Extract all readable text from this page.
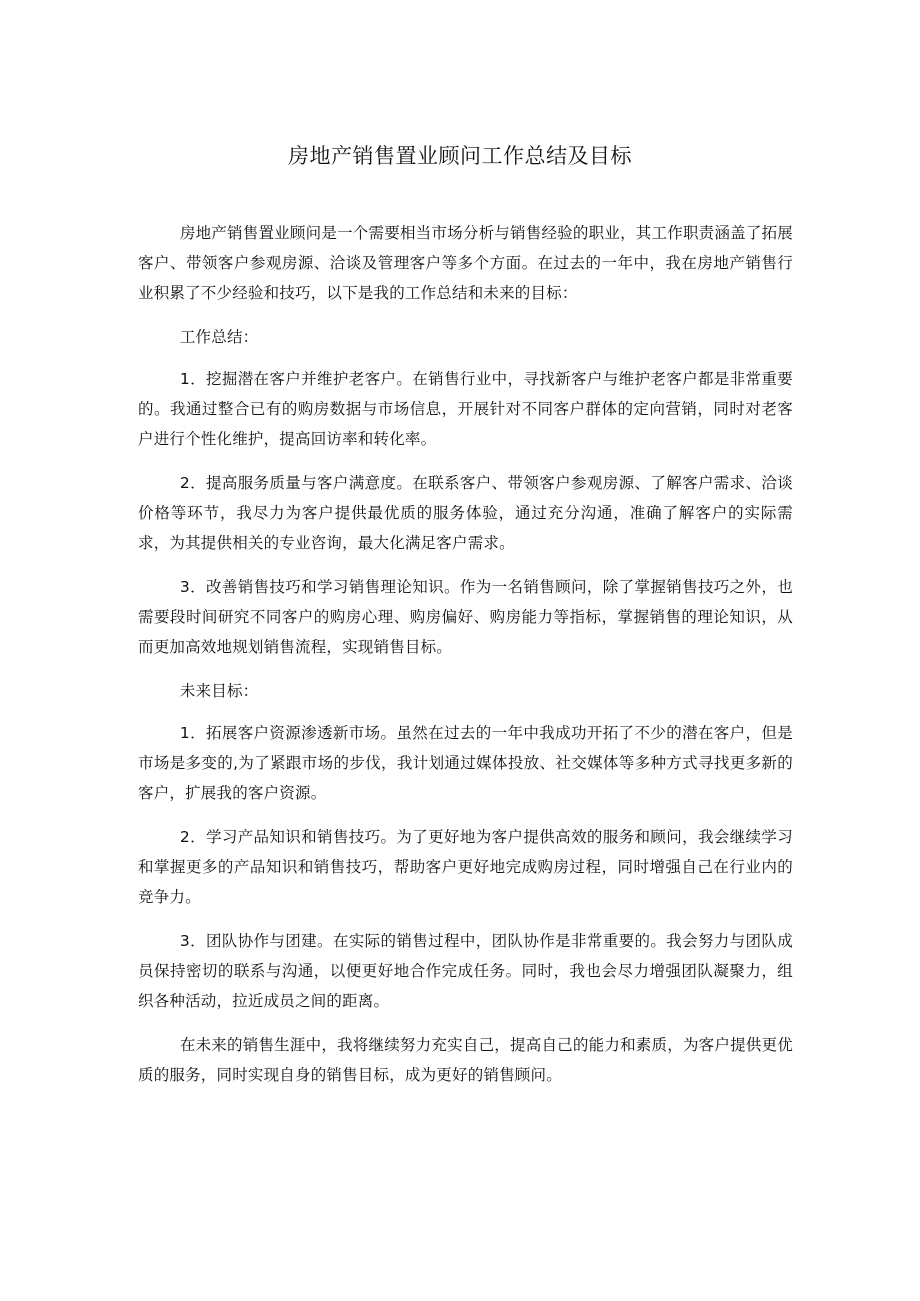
房地产销售置业顾问工作总结及目标

房地产销售置业顾问是一个需要相当市场分析与销售经验的职业，其工作职责涵盖了拓展客户、带领客户参观房源、洽谈及管理客户等多个方面。在过去的一年中，我在房地产销售行业积累了不少经验和技巧，以下是我的工作总结和未来的目标：

工作总结：

1．挖掘潜在客户并维护老客户。在销售行业中，寻找新客户与维护老客户都是非常重要的。我通过整合已有的购房数据与市场信息，开展针对不同客户群体的定向营销，同时对老客户进行个性化维护，提高回访率和转化率。

2．提高服务质量与客户满意度。在联系客户、带领客户参观房源、了解客户需求、洽谈价格等环节，我尽力为客户提供最优质的服务体验，通过充分沟通，准确了解客户的实际需求，为其提供相关的专业咨询，最大化满足客户需求。

3．改善销售技巧和学习销售理论知识。作为一名销售顾问，除了掌握销售技巧之外，也需要段时间研究不同客户的购房心理、购房偏好、购房能力等指标，掌握销售的理论知识，从而更加高效地规划销售流程，实现销售目标。

未来目标：

1．拓展客户资源渗透新市场。虽然在过去的一年中我成功开拓了不少的潜在客户，但是市场是多变的,为了紧跟市场的步伐，我计划通过媒体投放、社交媒体等多种方式寻找更多新的客户，扩展我的客户资源。

2．学习产品知识和销售技巧。为了更好地为客户提供高效的服务和顾问，我会继续学习和掌握更多的产品知识和销售技巧，帮助客户更好地完成购房过程，同时增强自己在行业内的竞争力。

3．团队协作与团建。在实际的销售过程中，团队协作是非常重要的。我会努力与团队成员保持密切的联系与沟通，以便更好地合作完成任务。同时，我也会尽力增强团队凝聚力，组织各种活动，拉近成员之间的距离。

在未来的销售生涯中，我将继续努力充实自己，提高自己的能力和素质，为客户提供更优质的服务，同时实现自身的销售目标，成为更好的销售顾问。
